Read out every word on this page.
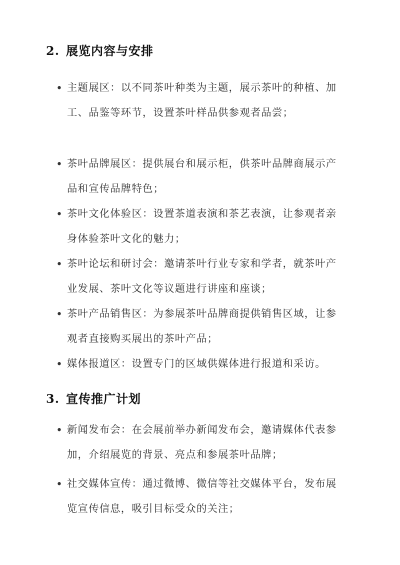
2. 展览内容与安排
• 主题展区：以不同茶叶种类为主题，展示茶叶的种植、加工、品鉴等环节，设置茶叶样品供参观者品尝；
• 茶叶品牌展区：提供展台和展示柜，供茶叶品牌商展示产品和宣传品牌特色；
• 茶叶文化体验区：设置茶道表演和茶艺表演，让参观者亲身体验茶叶文化的魅力；
• 茶叶论坛和研讨会：邀请茶叶行业专家和学者，就茶叶产业发展、茶叶文化等议题进行讲座和座谈；
• 茶叶产品销售区：为参展茶叶品牌商提供销售区域，让参观者直接购买展出的茶叶产品；
• 媒体报道区：设置专门的区域供媒体进行报道和采访。
3. 宣传推广计划
• 新闻发布会：在会展前举办新闻发布会，邀请媒体代表参加，介绍展览的背景、亮点和参展茶叶品牌；
• 社交媒体宣传：通过微博、微信等社交媒体平台，发布展览宣传信息，吸引目标受众的关注；
